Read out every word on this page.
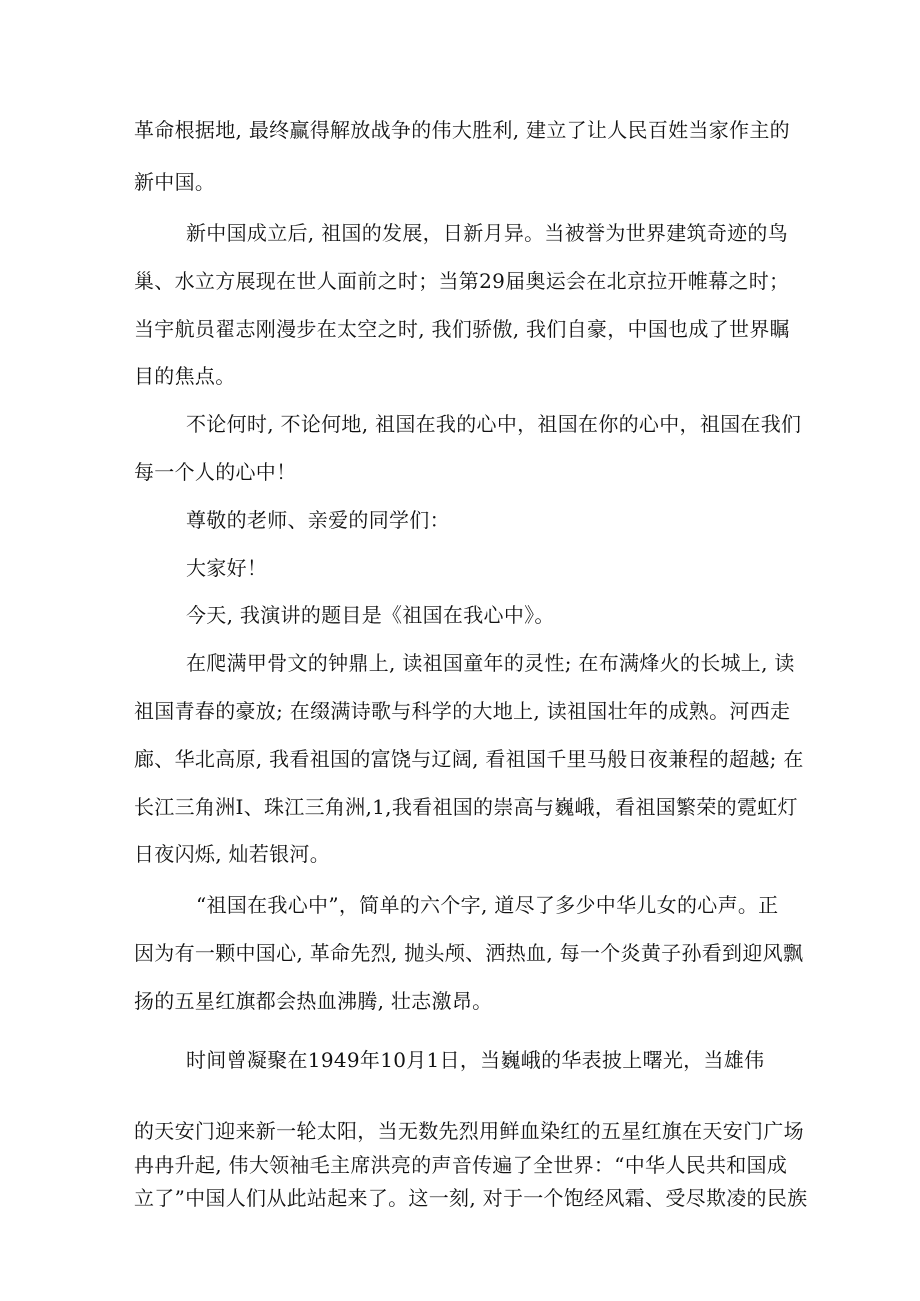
革命根据地, 最终赢得解放战争的伟大胜利, 建立了让人民百姓当家作主的
新中国。
新中国成立后, 祖国的发展，日新月异。当被誉为世界建筑奇迹的鸟
巢、水立方展现在世人面前之时；当第29届奥运会在北京拉开帷幕之时；
当宇航员翟志刚漫步在太空之时, 我们骄傲, 我们自豪，中国也成了世界瞩
目的焦点。
不论何时, 不论何地, 祖国在我的心中，祖国在你的心中，祖国在我们
每一个人的心中！
尊敬的老师、亲爱的同学们：
大家好！
今天, 我演讲的题目是《祖国在我心中》。
在爬满甲骨文的钟鼎上, 读祖国童年的灵性; 在布满烽火的长城上, 读
祖国青春的豪放; 在缀满诗歌与科学的大地上, 读祖国壮年的成熟。河西走
廊、华北高原, 我看祖国的富饶与辽阔, 看祖国千里马般日夜兼程的超越; 在
长江三角洲I、珠江三角洲,1,我看祖国的崇高与巍峨，看祖国繁荣的霓虹灯
日夜闪烁, 灿若银河。
“祖国在我心中”，简单的六个字, 道尽了多少中华儿女的心声。正
因为有一颗中国心, 革命先烈, 抛头颅、洒热血, 每一个炎黄子孙看到迎风飘
扬的五星红旗都会热血沸腾, 壮志激昂。
时间曾凝聚在1949年10月1日，当巍峨的华表披上曙光，当雄伟
的天安门迎来新一轮太阳，当无数先烈用鲜血染红的五星红旗在天安门广场
冉冉升起, 伟大领袖毛主席洪亮的声音传遍了全世界：“中华人民共和国成
立了”中国人们从此站起来了。这一刻, 对于一个饱经风霜、受尽欺凌的民族
